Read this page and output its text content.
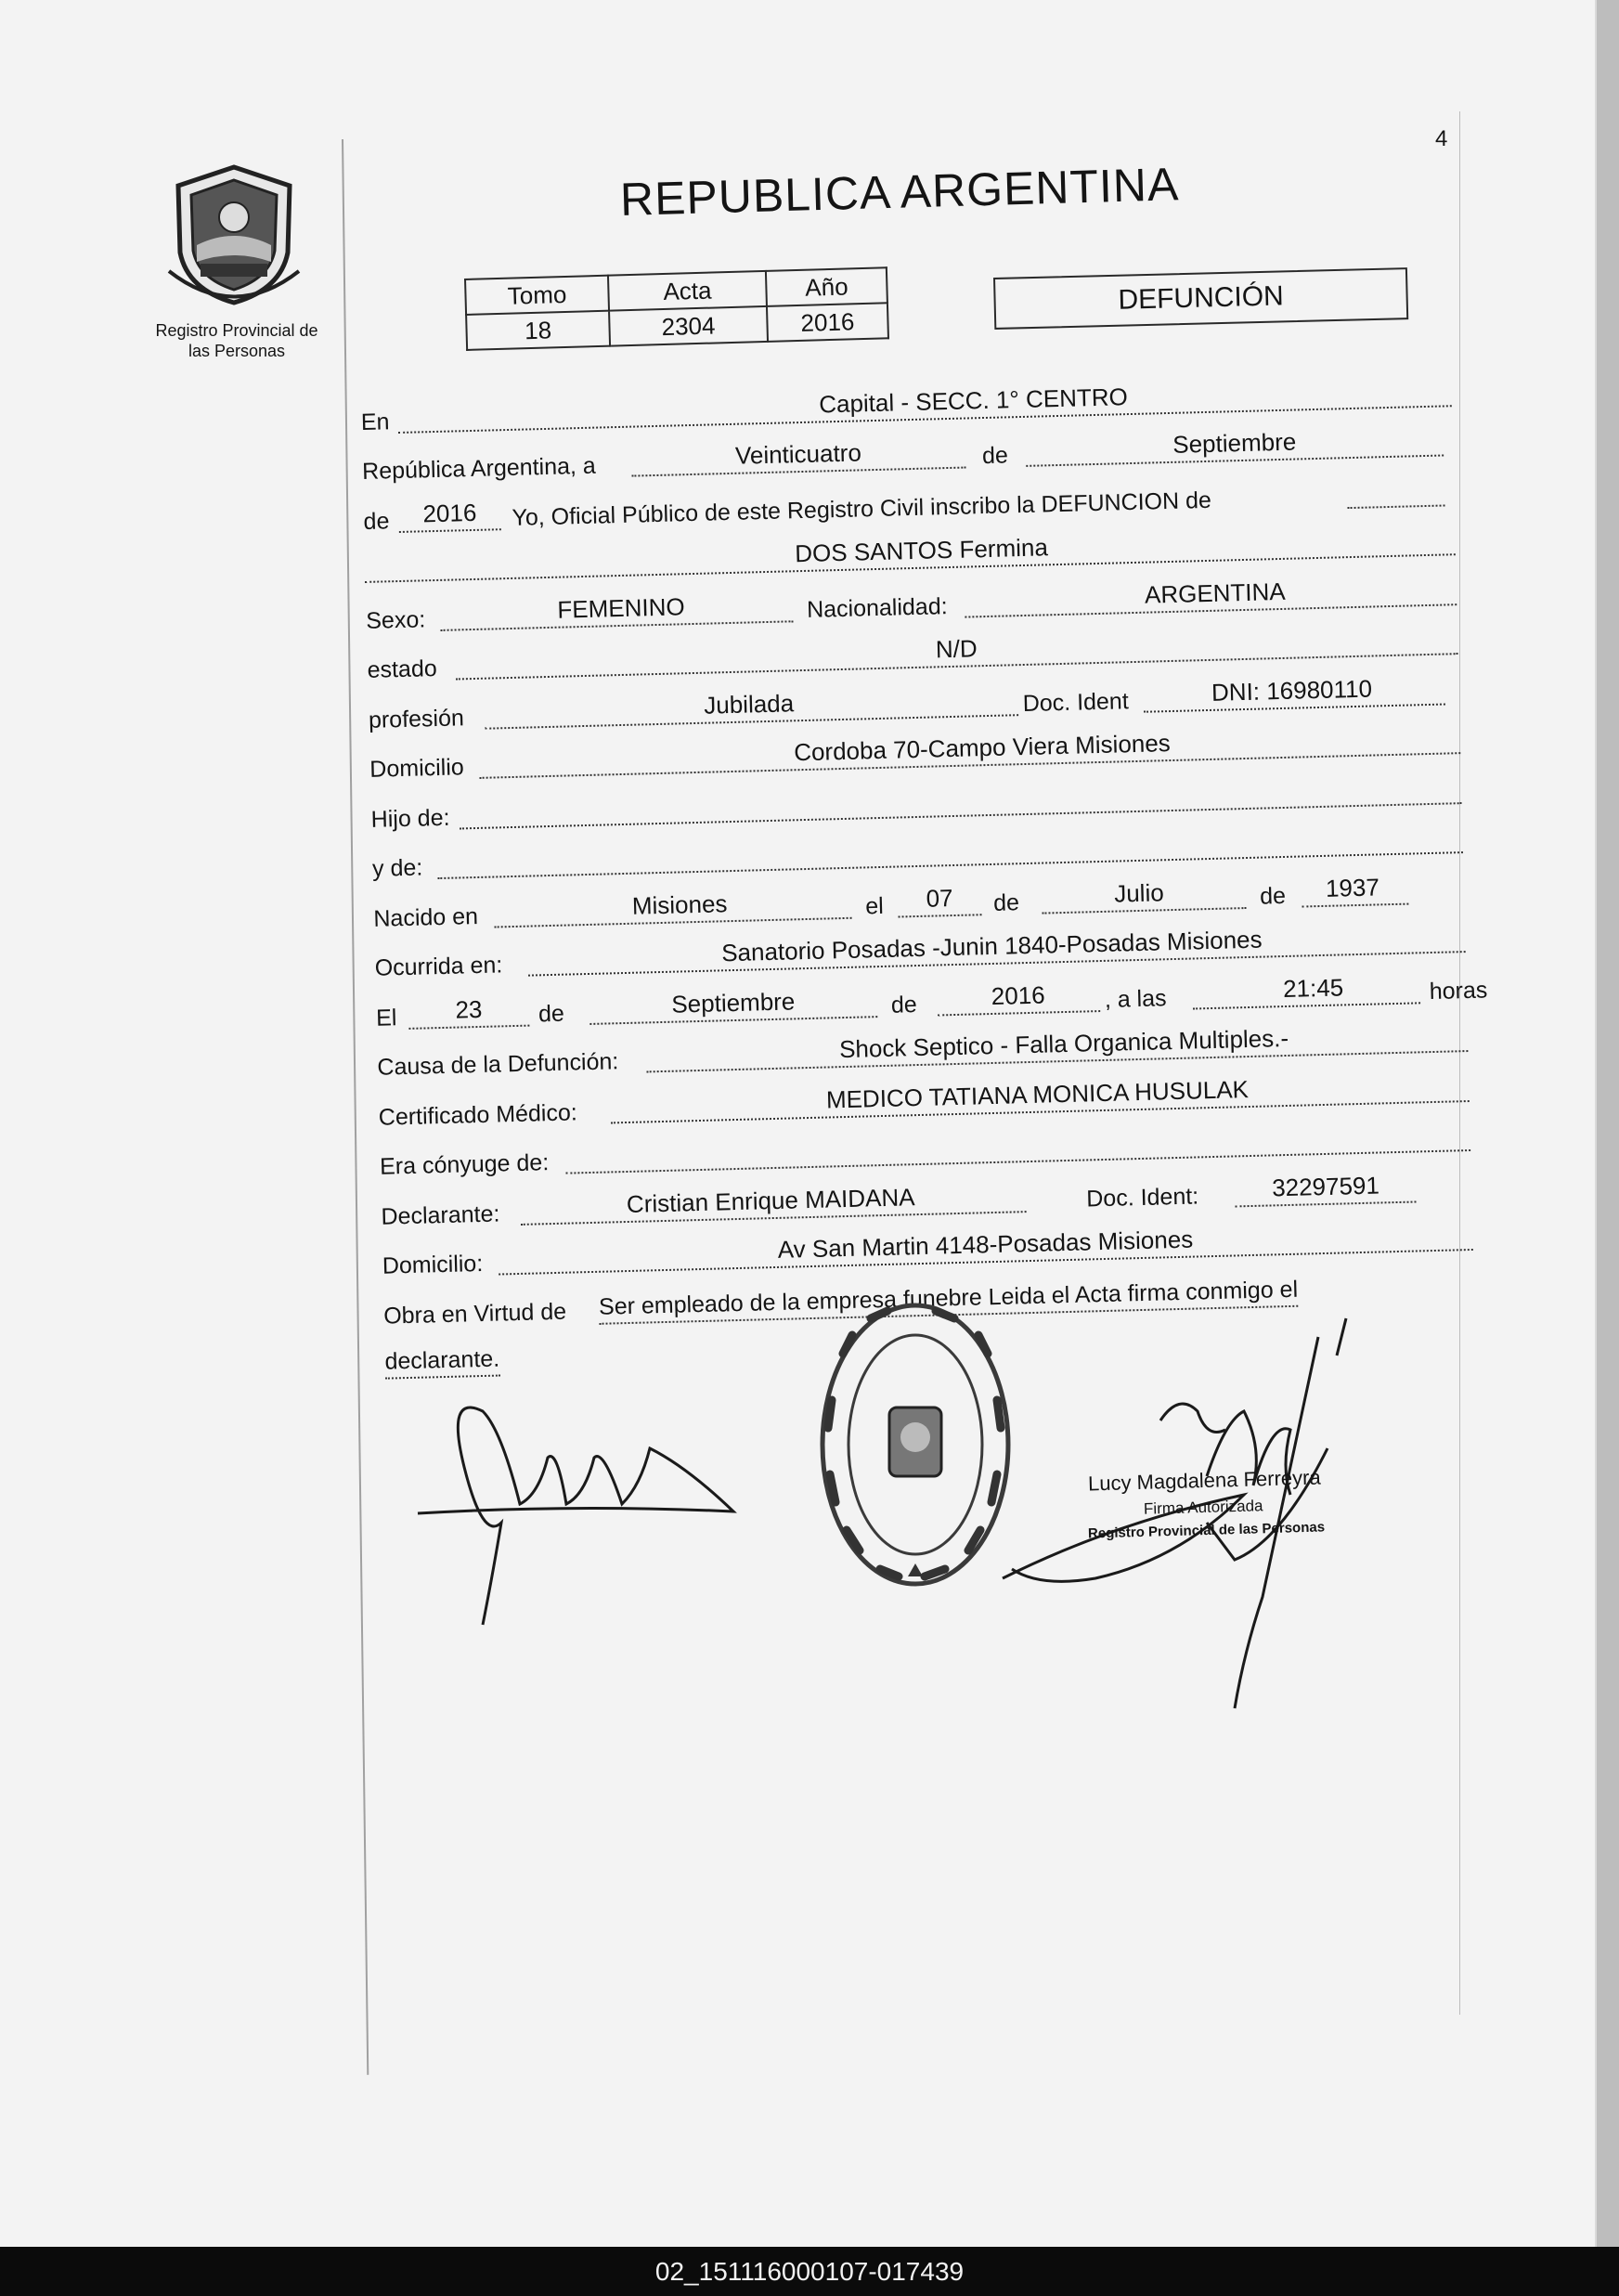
4
Registro Provincial de
las Personas
REPUBLICA ARGENTINA
Tomo	Acta	Año
18	2304	2016
DEFUNCIÓN
En
Capital - SECC. 1° CENTRO
República Argentina, a	Veinticuatro	de	Septiembre
de 2016 Yo, Oficial Público de este Registro Civil inscribo la DEFUNCION de
DOS SANTOS Fermina
Sexo:	FEMENINO	Nacionalidad:	ARGENTINA
estado
N/D
profesión	Jubilada	Doc. Ident	DNI: 16980110
Domicilio
Cordoba 70-Campo Viera Misiones
Hijo de:
y de:
Nacido en	Misiones	el 07 de	Julio	de 1937
Ocurrida en:	Sanatorio Posadas -Junin 1840-Posadas Misiones
El 23 de	Septiembre	de	2016	, a las	21:45	horas
Causa de la Defunción:
Shock Septico - Falla Organica Multiples.-
Certificado Médico:
MEDICO TATIANA MONICA HUSULAK
Era cónyuge de:
Declarante:	Cristian Enrique MAIDANA	Doc. Ident:	32297591
Domicilio:
Av San Martin 4148-Posadas Misiones
Obra en Virtud de Ser empleado de la empresa funebre Leida el Acta firma conmigo el
declarante.
Lucy Magdalena Ferreyra
Firma Autorizada
Registro Provincial de las Personas
02_151116000107-017439
